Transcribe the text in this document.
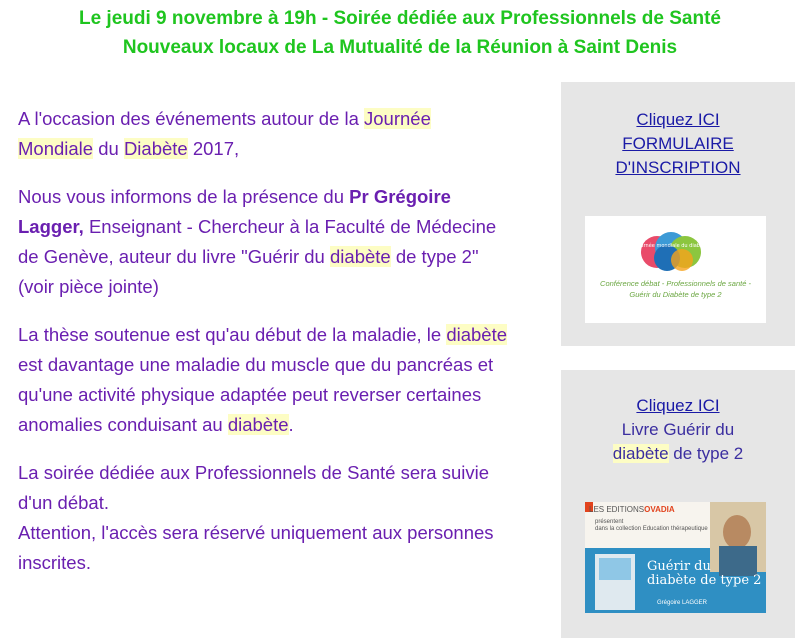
Le jeudi 9 novembre à 19h - Soirée dédiée aux Professionnels de Santé
Nouveaux locaux de La Mutualité de la Réunion à Saint Denis

A l'occasion des événements autour de la Journée
Mondiale du Diabète 2017,

Nous vous informons de la présence du Pr Grégoire Lagger, Enseignant - Chercheur à la Faculté de Médecine de Genève, auteur du livre "Guérir du diabète de type 2" (voir pièce jointe)

La thèse soutenue est qu'au début de la maladie, le diabète est davantage une maladie du muscle que du pancréas et qu'une activité physique adaptée peut reverser certaines anomalies conduisant au diabète.

La soirée dédiée aux Professionnels de Santé sera suivie d'un débat.
Attention, l'accès sera réservé uniquement aux personnes inscrites.

Cliquez ICI
FORMULAIRE
D'INSCRIPTION
Journée mondiale du diabète
Conférence débat - Professionnels de santé -
Guérir du Diabète de type 2
Cliquez ICI
Livre Guérir du
diabète de type 2
LES EDITIONSOVADIA
présentent
dans la collection Education thérapeutique
Guérir du
diabète de type 2
Grégoire LAGGER
